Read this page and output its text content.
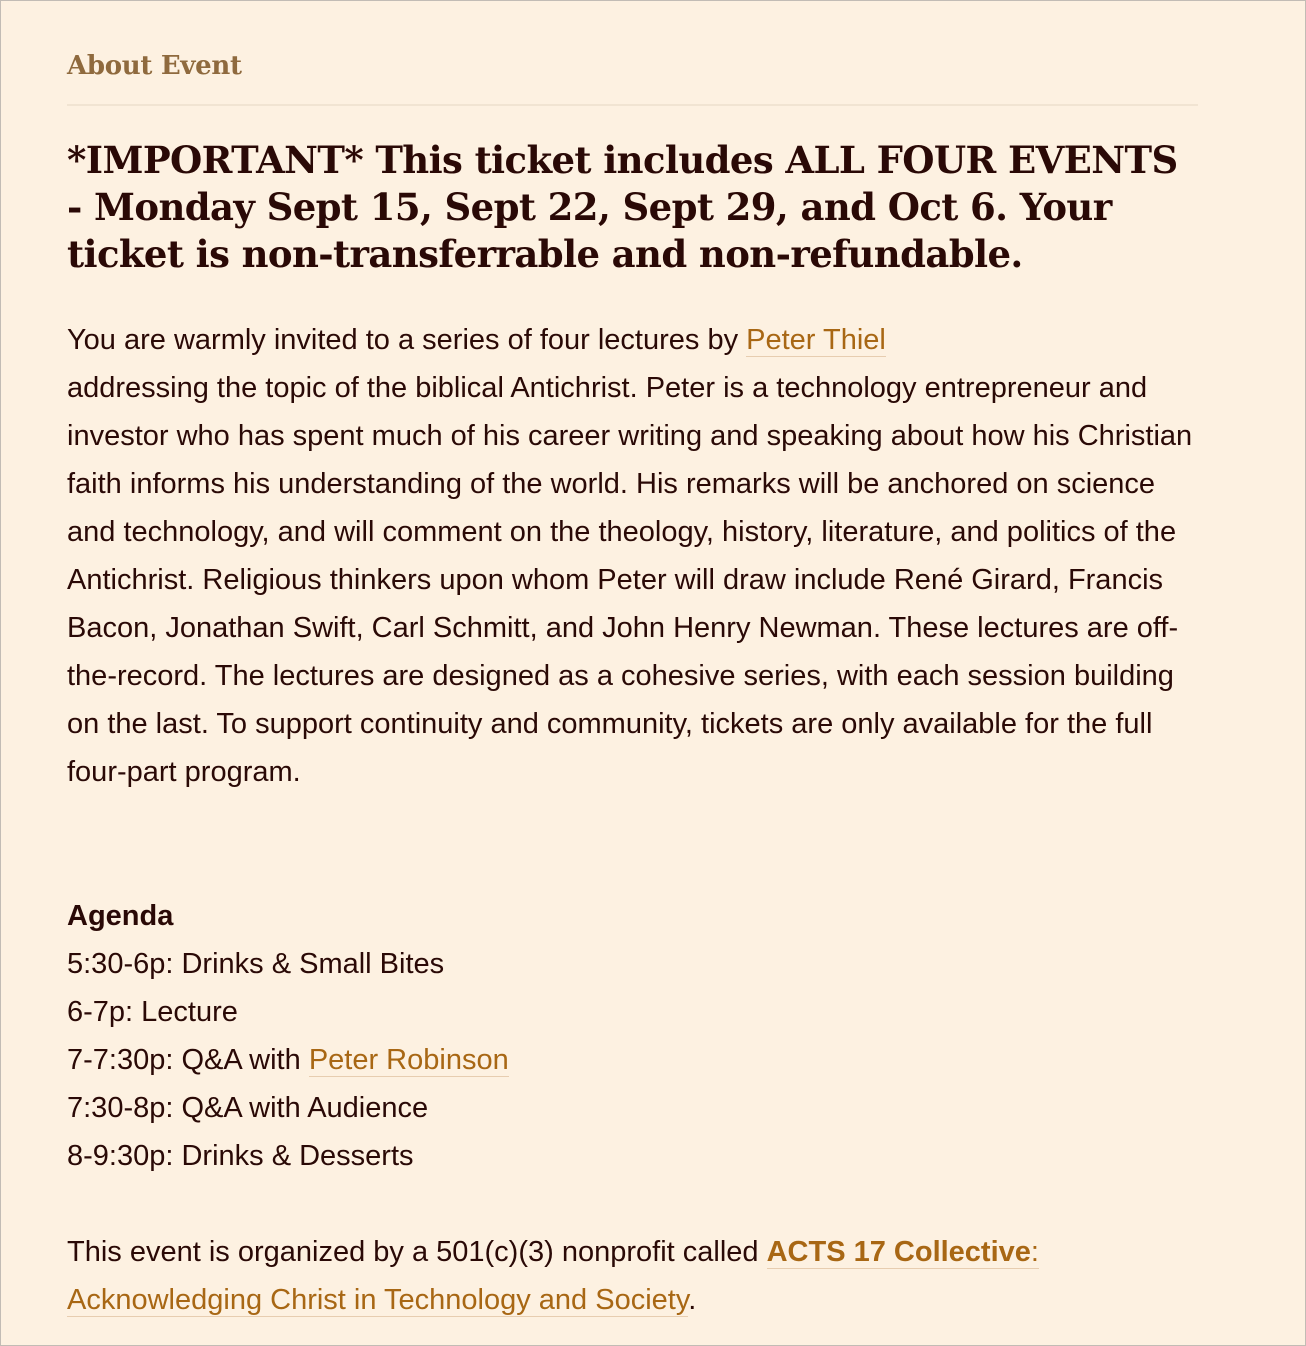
About Event
*IMPORTANT* This ticket includes ALL FOUR EVENTS - Monday Sept 15, Sept 22, Sept 29, and Oct 6. Your ticket is non-transferrable and non-refundable.

You are warmly invited to a series of four lectures by Peter Thiel
addressing the topic of the biblical Antichrist. Peter is a technology entrepreneur and investor who has spent much of his career writing and speaking about how his Christian faith informs his understanding of the world. His remarks will be anchored on science and technology, and will comment on the theology, history, literature, and politics of the Antichrist. Religious thinkers upon whom Peter will draw include René Girard, Francis Bacon, Jonathan Swift, Carl Schmitt, and John Henry Newman. These lectures are off-the-record. The lectures are designed as a cohesive series, with each session building on the last. To support continuity and community, tickets are only available for the full four-part program.

Agenda
5:30-6p: Drinks & Small Bites
6-7p: Lecture
7-7:30p: Q&A with Peter Robinson
7:30-8p: Q&A with Audience
8-9:30p: Drinks & Desserts

This event is organized by a 501(c)(3) nonprofit called ACTS 17 Collective: Acknowledging Christ in Technology and Society.
